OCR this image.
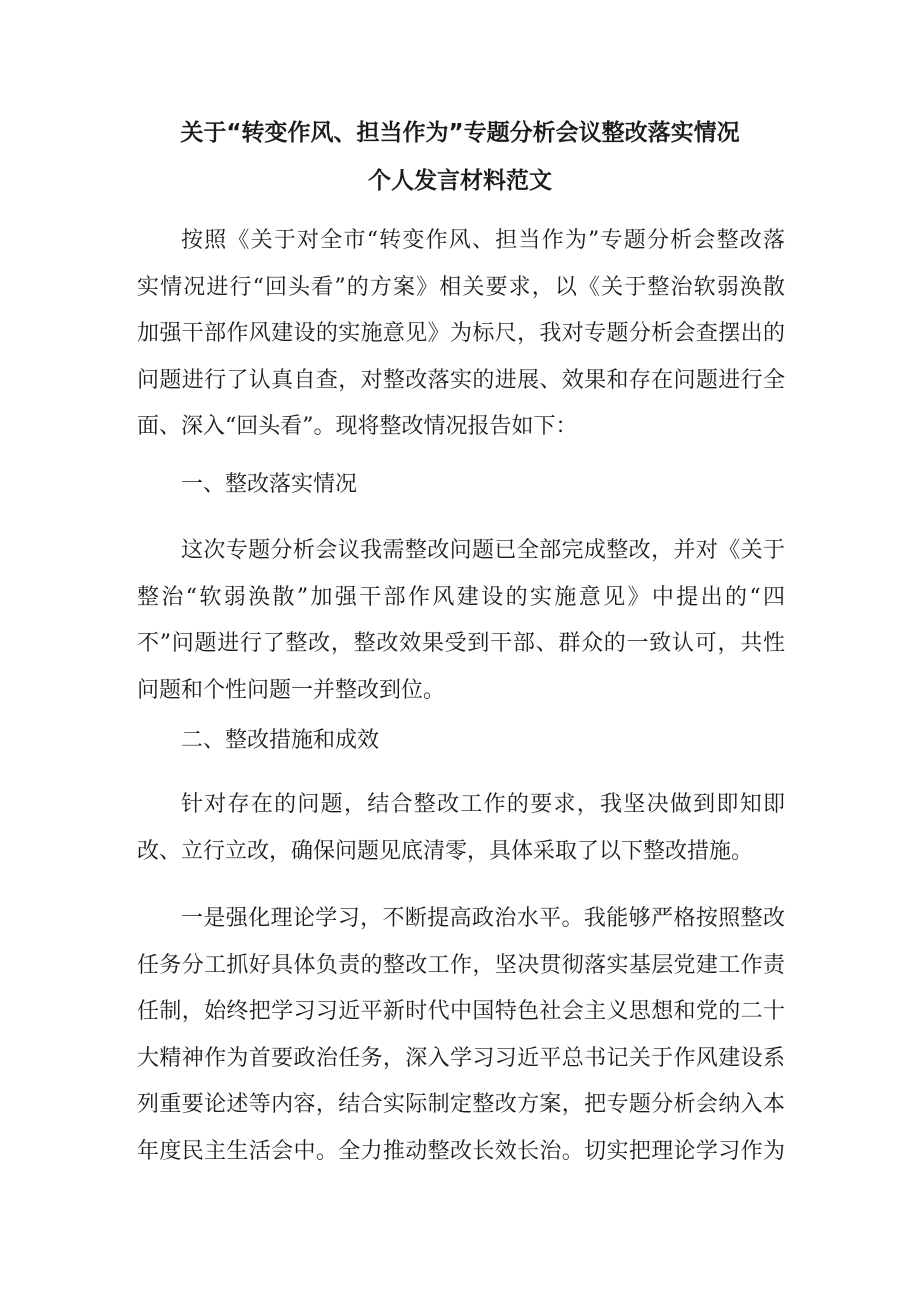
关于“转变作风、担当作为”专题分析会议整改落实情况
个人发言材料范文
按照《关于对全市“转变作风、担当作为”专题分析会整改落
实情况进行“回头看”的方案》相关要求，以《关于整治软弱涣散
加强干部作风建设的实施意见》为标尺，我对专题分析会查摆出的
问题进行了认真自查，对整改落实的进展、效果和存在问题进行全
面、深入“回头看”。现将整改情况报告如下：
一、整改落实情况
这次专题分析会议我需整改问题已全部完成整改，并对《关于
整治“软弱涣散”加强干部作风建设的实施意见》中提出的“四
不”问题进行了整改，整改效果受到干部、群众的一致认可，共性
问题和个性问题一并整改到位。
二、整改措施和成效
针对存在的问题，结合整改工作的要求，我坚决做到即知即
改、立行立改，确保问题见底清零，具体采取了以下整改措施。
一是强化理论学习，不断提高政治水平。我能够严格按照整改
任务分工抓好具体负责的整改工作，坚决贯彻落实基层党建工作责
任制，始终把学习习近平新时代中国特色社会主义思想和党的二十
大精神作为首要政治任务，深入学习习近平总书记关于作风建设系
列重要论述等内容，结合实际制定整改方案，把专题分析会纳入本
年度民主生活会中。全力推动整改长效长治。切实把理论学习作为
